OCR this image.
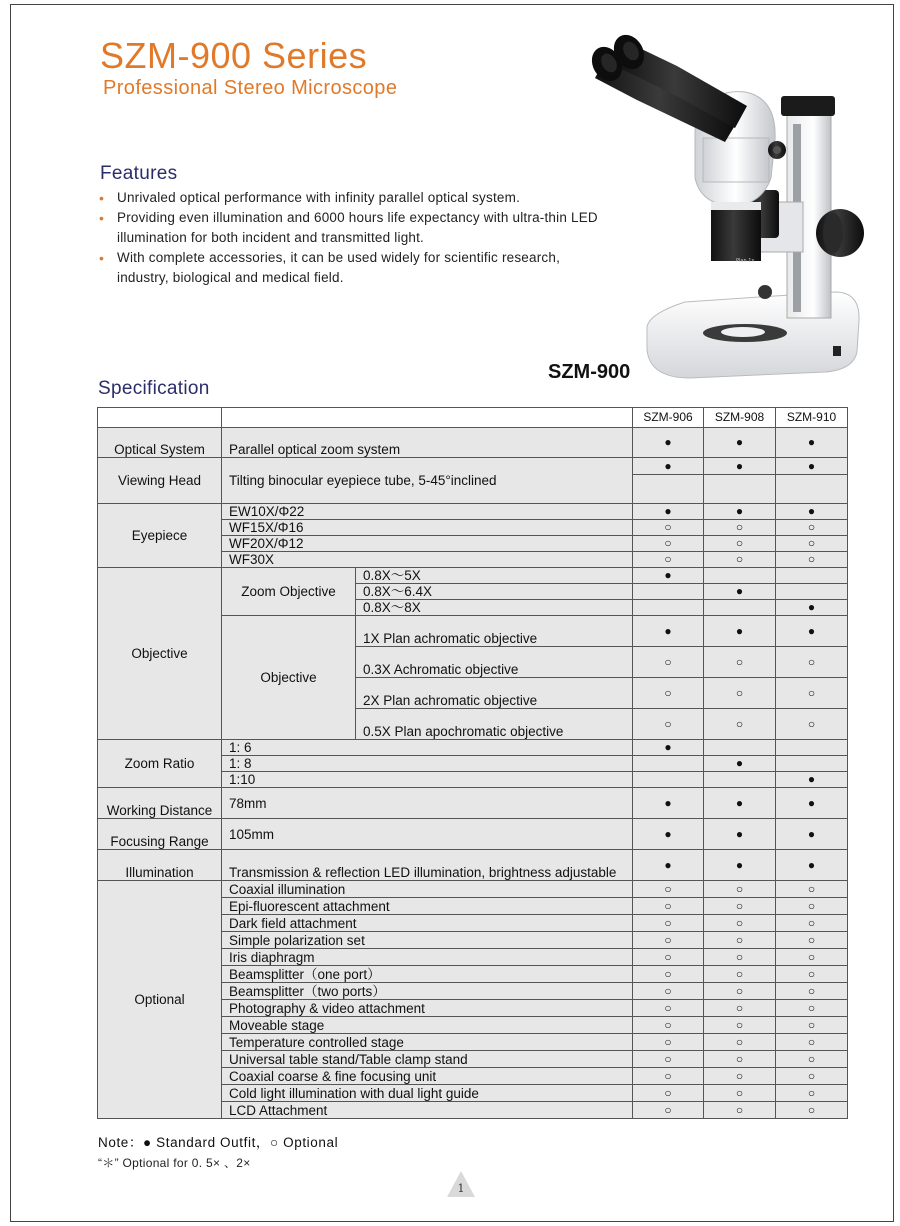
SZM-900 Series
Professional Stereo Microscope
Features
• Unrivaled optical performance with infinity parallel optical system.
• Providing even illumination and 6000 hours life expectancy with ultra-thin LED illumination for both incident and transmitted light.
• With complete accessories, it can be used widely for scientific research, industry, biological and medical field.
Plan 1x
SZM-900
Specification
			SZM-906	SZM-908	SZM-910
Optical System	Parallel optical zoom system		●	●	●
Viewing Head	Tilting binocular eyepiece tube, 5-45°inclined		●	●	●

Eyepiece	EW10X/Φ22		●	●	●
	WF15X/Φ16		○	○	○
	WF20X/Φ12		○	○	○
	WF30X		○	○	○
Objective	Zoom Objective	0.8X～5X	●		
		0.8X～6.4X		●	
		0.8X～8X			●
	Objective	1X Plan achromatic objective	●	●	●
		0.3X Achromatic objective	○	○	○
		2X Plan achromatic objective	○	○	○
		0.5X Plan apochromatic objective	○	○	○
Zoom Ratio	1: 6		●		
	1: 8			●	
	1:10				●
Working Distance	78mm		●	●	●
Focusing Range	105mm		●	●	●
Illumination	Transmission & reflection LED illumination, brightness adjustable		●	●	●
Optional	Coaxial illumination		○	○	○
	Epi-fluorescent attachment		○	○	○
	Dark field attachment		○	○	○
	Simple polarization set		○	○	○
	Iris diaphragm		○	○	○
	Beamsplitter（one port）		○	○	○
	Beamsplitter（two ports）		○	○	○
	Photography & video attachment		○	○	○
	Moveable stage		○	○	○
	Temperature controlled stage		○	○	○
	Universal table stand/Table clamp stand		○	○	○
	Coaxial coarse & fine focusing unit		○	○	○
	Cold light illumination with dual light guide		○	○	○
	LCD Attachment		○	○	○
Note：● Standard Outfit，○ Optional
“＊” Optional for 0. 5× 、2×
1
